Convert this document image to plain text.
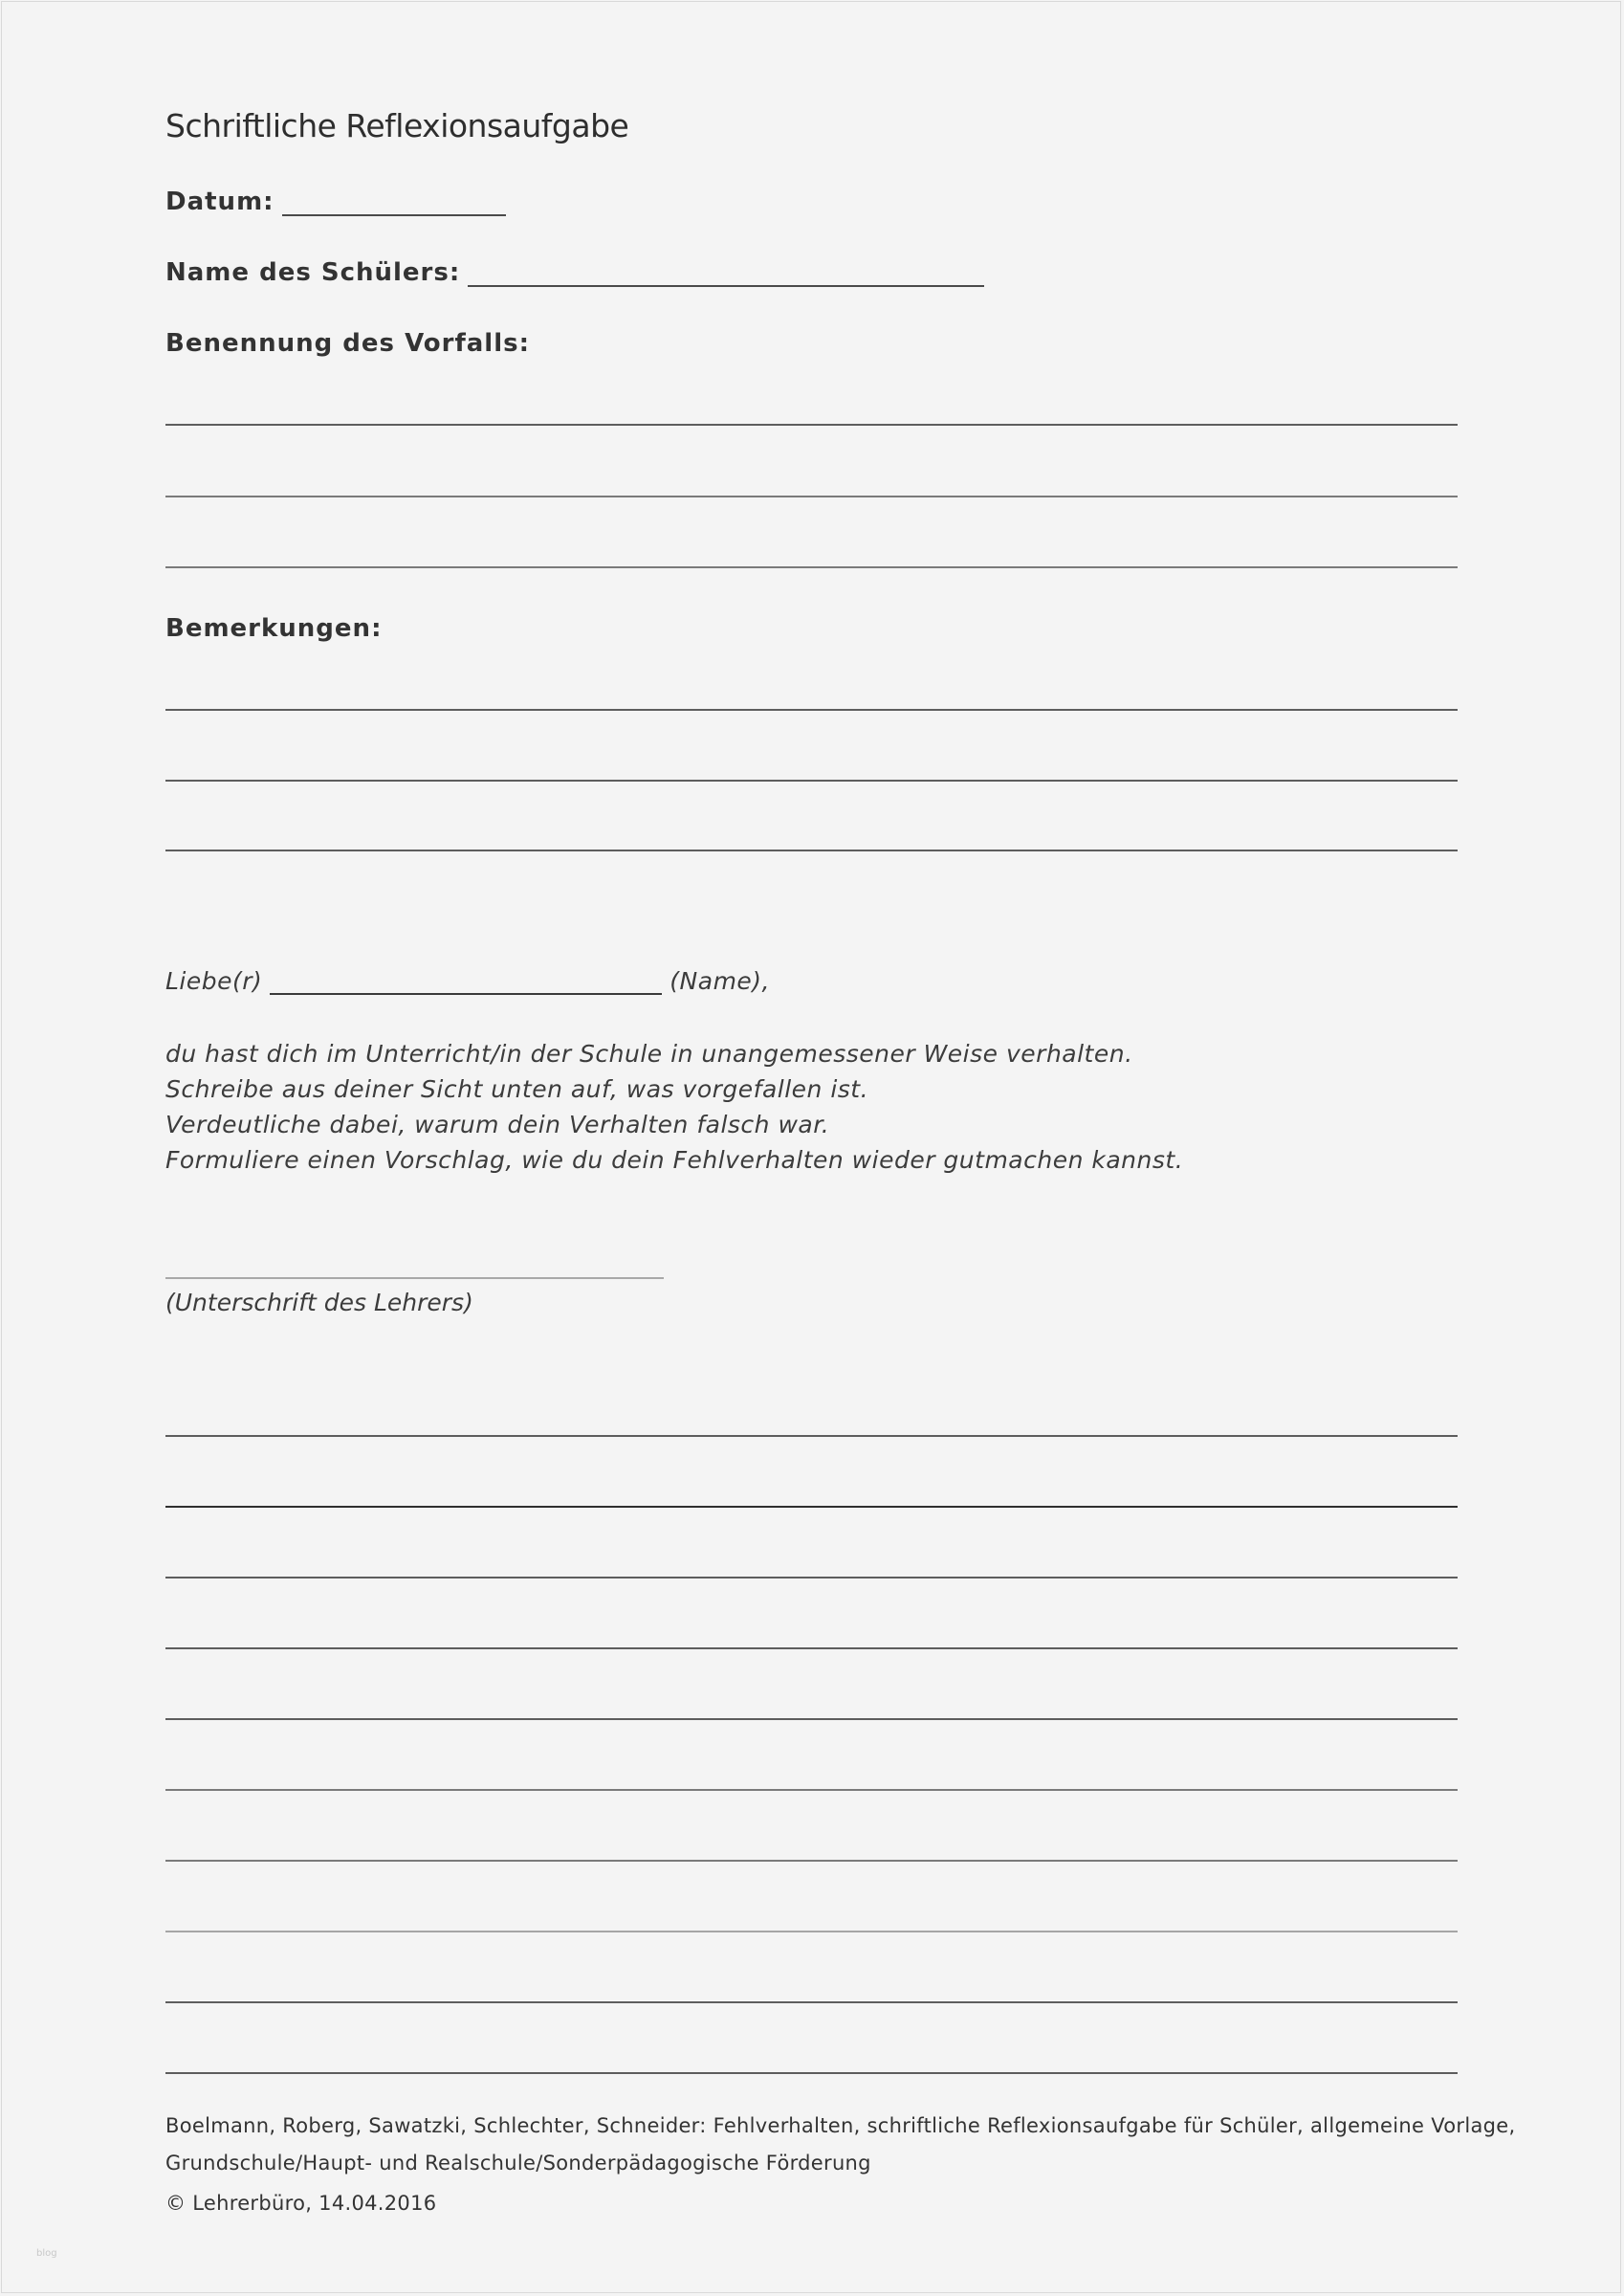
Schriftliche Reflexionsaufgabe
Datum:
Name des Schülers:
Benennung des Vorfalls:
Bemerkungen:
Liebe(r)	(Name),
du hast dich im Unterricht/in der Schule in unangemessener Weise verhalten.
Schreibe aus deiner Sicht unten auf, was vorgefallen ist.
Verdeutliche dabei, warum dein Verhalten falsch war.
Formuliere einen Vorschlag, wie du dein Fehlverhalten wieder gutmachen kannst.
(Unterschrift des Lehrers)
Boelmann, Roberg, Sawatzki, Schlechter, Schneider: Fehlverhalten, schriftliche Reflexionsaufgabe für Schüler, allgemeine Vorlage,
Grundschule/Haupt- und Realschule/Sonderpädagogische Förderung
© Lehrerbüro, 14.04.2016
blog
